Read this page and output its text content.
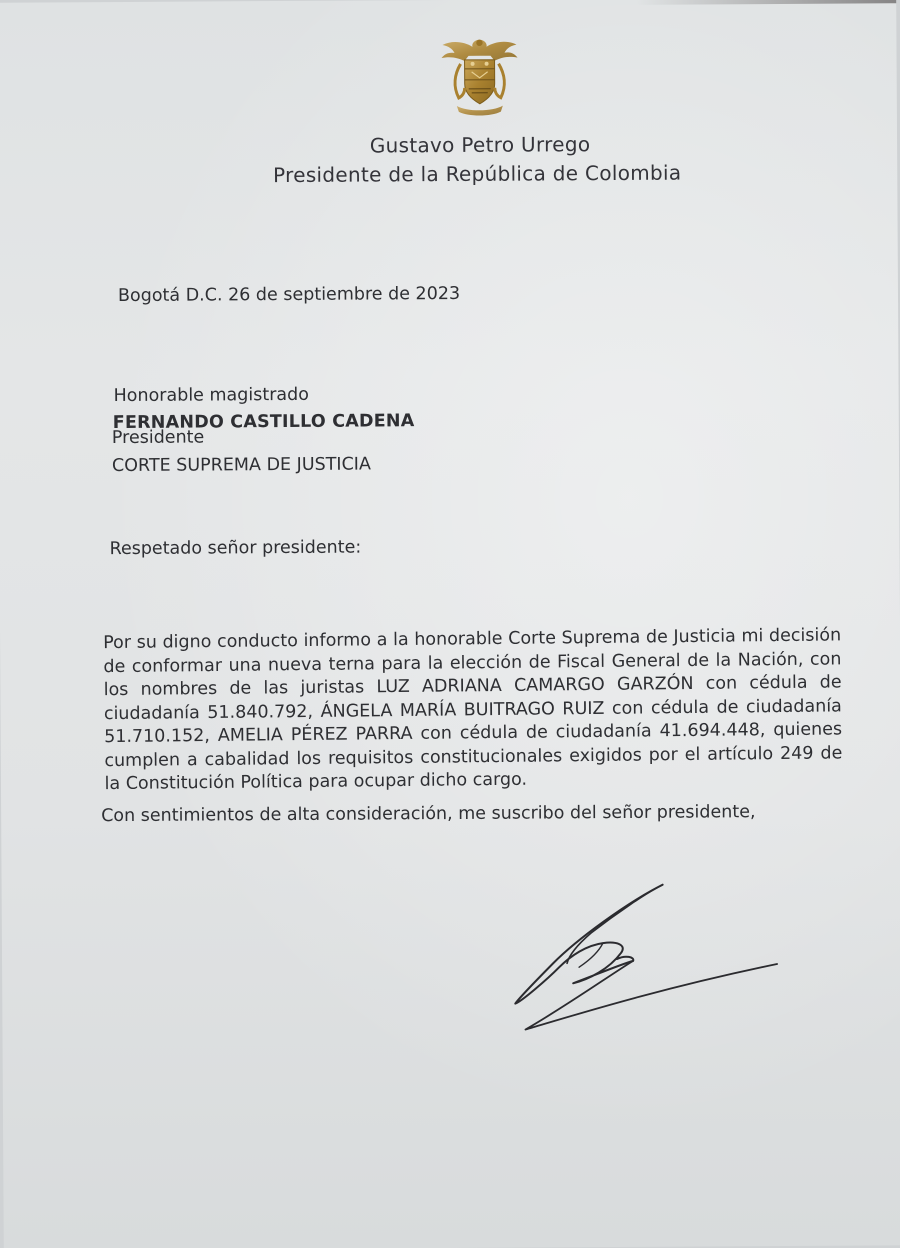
Gustavo Petro Urrego
Presidente de la República de Colombia
Bogotá D.C. 26 de septiembre de 2023
Honorable magistrado
FERNANDO CASTILLO CADENA
Presidente
CORTE SUPREMA DE JUSTICIA
Respetado señor presidente:
Por su digno conducto informo a la honorable Corte Suprema de Justicia mi decisión de conformar una nueva terna para la elección de Fiscal General de la Nación, con los nombres de las juristas LUZ ADRIANA CAMARGO GARZÓN con cédula de ciudadanía 51.840.792, ÁNGELA MARÍA BUITRAGO RUIZ con cédula de ciudadanía 51.710.152, AMELIA PÉREZ PARRA con cédula de ciudadanía 41.694.448, quienes cumplen a cabalidad los requisitos constitucionales exigidos por el artículo 249 de la Constitución Política para ocupar dicho cargo.
Con sentimientos de alta consideración, me suscribo del señor presidente,
